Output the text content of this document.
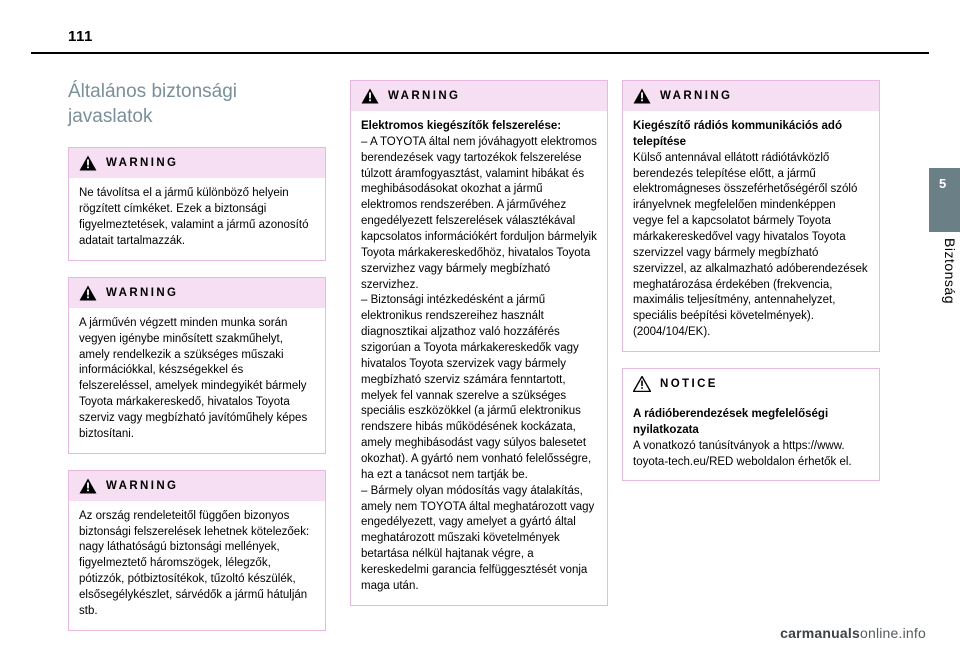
111
5
Biztonság
Általános biztonsági javaslatok
WARNING

Ne távolítsa el a jármű különböző helyein rögzített címkéket. Ezek a biztonsági figyelmeztetések, valamint a jármű azonosító adatait tartalmazzák.

WARNING

A járművén végzett minden munka során vegyen igénybe minősített szakműhelyt, amely rendelkezik a szükséges műszaki információkkal, készségekkel és felszereléssel, amelyek mindegyikét bármely Toyota márkakereskedő, hivatalos Toyota szerviz vagy megbízható javítóműhely képes biztosítani.

WARNING

Az ország rendeleteitől függően bizonyos biztonsági felszerelések lehetnek kötelezőek: nagy láthatóságú biztonsági mellények, figyelmeztető háromszögek, lélegzők, pótizzók, pótbiztosítékok, tűzoltó készülék, elsősegélykészlet, sárvédők a jármű hátulján stb.

WARNING

Elektromos kiegészítők felszerelése:

– A TOYOTA által nem jóváhagyott elektromos berendezések vagy tartozékok felszerelése túlzott áramfogyasztást, valamint hibákat és meghibásodásokat okozhat a jármű elektromos rendszerében. A járművéhez engedélyezett felszerelések választékával kapcsolatos információkért forduljon bármelyik Toyota márkakereskedőhöz, hivatalos Toyota szervizhez vagy bármely megbízható szervizhez.

– Biztonsági intézkedésként a jármű elektronikus rendszereihez használt diagnosztikai aljzathoz való hozzáférés szigorúan a Toyota márkakereskedők vagy hivatalos Toyota szervizek vagy bármely megbízható szerviz számára fenntartott, melyek fel vannak szerelve a szükséges speciális eszközökkel (a jármű elektronikus rendszere hibás működésének kockázata, amely meghibásodást vagy súlyos balesetet okozhat). A gyártó nem vonható felelősségre, ha ezt a tanácsot nem tartják be.

– Bármely olyan módosítás vagy átalakítás, amely nem TOYOTA által meghatározott vagy engedélyezett, vagy amelyet a gyártó által meghatározott műszaki követelmények betartása nélkül hajtanak végre, a kereskedelmi garancia felfüggesztését vonja maga után.

WARNING

Kiegészítő rádiós kommunikációs adó telepítése

Külső antennával ellátott rádiótávközlő berendezés telepítése előtt, a jármű elektromágneses összeférhetőségéről szóló irányelvnek megfelelően mindenképpen vegye fel a kapcsolatot bármely Toyota márkakereskedővel vagy hivatalos Toyota szervizzel vagy bármely megbízható szervizzel, az alkalmazható adóberendezések meghatározása érdekében (frekvencia, maximális teljesítmény, antennahelyzet, speciális beépítési követelmények). (2004/104/EK).

NOTICE

A rádióberendezések megfelelőségi nyilatkozata

A vonatkozó tanúsítványok a https://www. toyota-tech.eu/RED weboldalon érhetők el.

carmanualsonline.info
